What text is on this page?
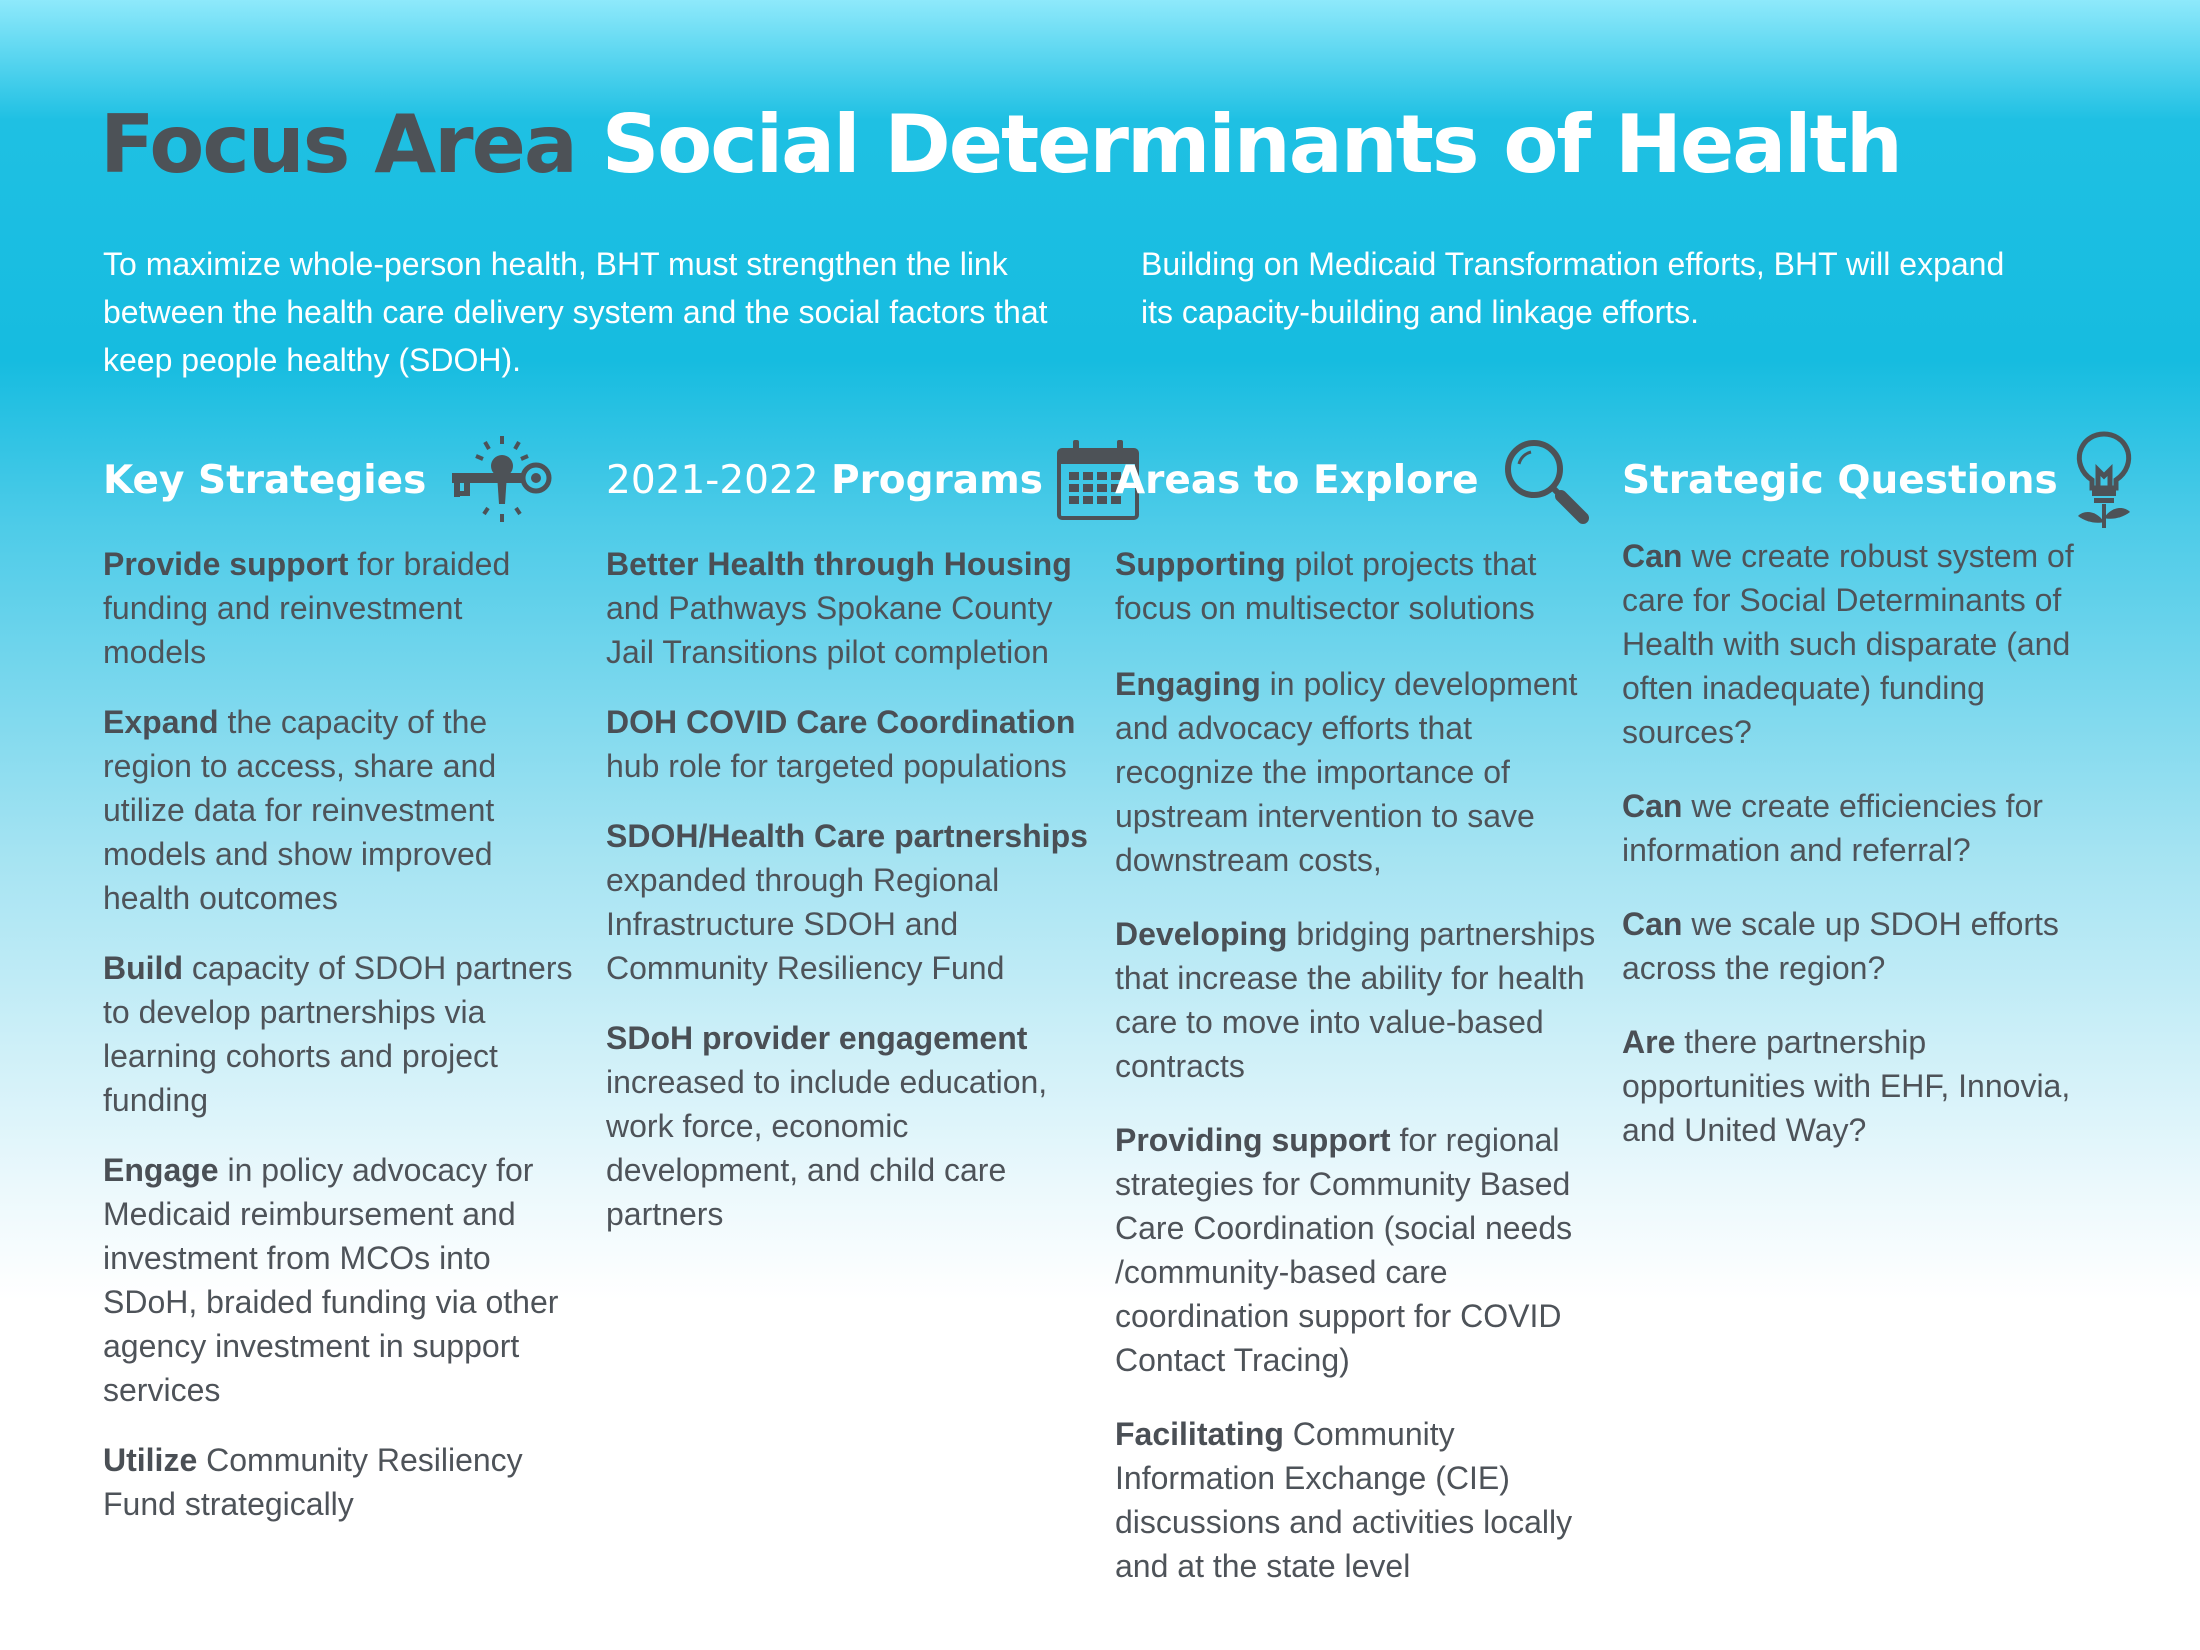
Focus Area Social Determinants of Health

To maximize whole-person health, BHT must strengthen the link between the health care delivery system and the social factors that keep people healthy (SDOH).

Building on Medicaid Transformation efforts, BHT will expand its capacity-building and linkage efforts.

Key Strategies

Provide support for braided funding and reinvestment models

Expand the capacity of the region to access, share and utilize data for reinvestment models and show improved health outcomes

Build capacity of SDOH partners to develop partnerships via learning cohorts and project funding

Engage in policy advocacy for Medicaid reimbursement and investment from MCOs into SDoH, braided funding via other agency investment in support services

Utilize Community Resiliency Fund strategically

2021-2022 Programs

Better Health through Housing and Pathways Spokane County Jail Transitions pilot completion

DOH COVID Care Coordination hub role for targeted populations

SDOH/Health Care partnerships expanded through Regional Infrastructure SDOH and Community Resiliency Fund

SDoH provider engagement increased to include education, work force, economic development, and child care partners

Areas to Explore

Supporting pilot projects that focus on multisector solutions

Engaging in policy development and advocacy efforts that recognize the importance of upstream intervention to save downstream costs,

Developing bridging partnerships that increase the ability for health care to move into value-based contracts

Providing support for regional strategies for Community Based Care Coordination (social needs /community-based care coordination support for COVID Contact Tracing)

Facilitating Community Information Exchange (CIE) discussions and activities locally and at the state level

Strategic Questions

Can we create robust system of care for Social Determinants of Health with such disparate (and often inadequate) funding sources?

Can we create efficiencies for information and referral?

Can we scale up SDOH efforts across the region?

Are there partnership opportunities with EHF, Innovia, and United Way?
